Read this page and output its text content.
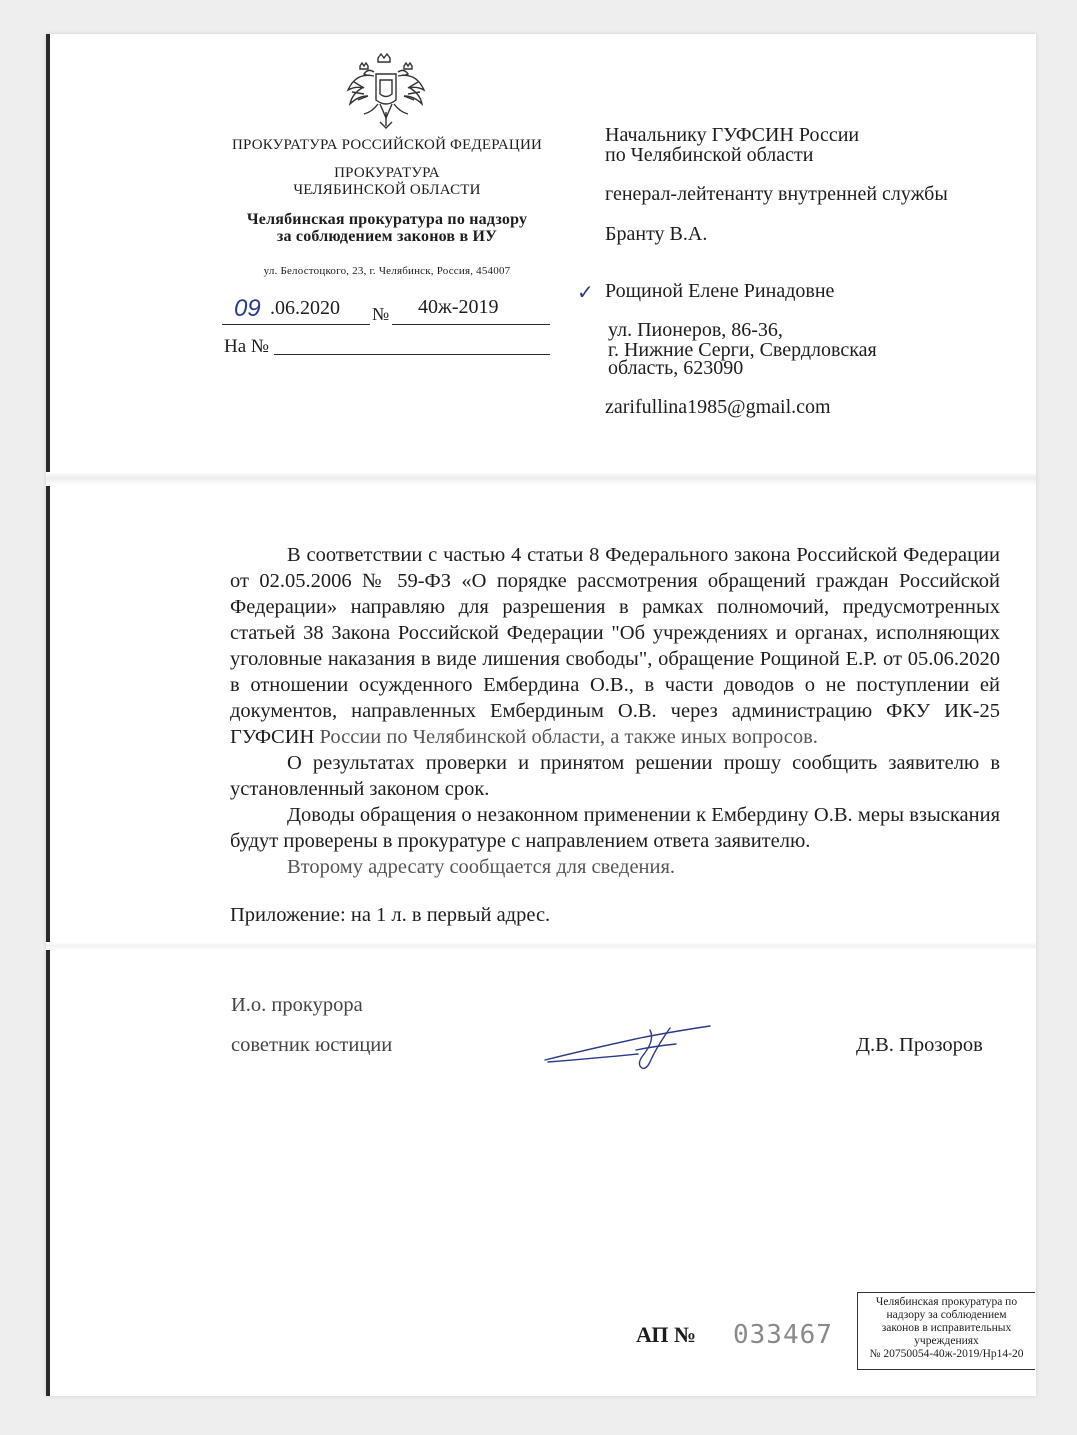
ПРОКУРАТУРА РОССИЙСКОЙ ФЕДЕРАЦИИ
ПРОКУРАТУРА
ЧЕЛЯБИНСКОЙ ОБЛАСТИ
Челябинская прокуратура по надзору
за соблюдением законов в ИУ
ул. Белостоцкого, 23, г. Челябинск, Россия, 454007
09 .06.2020 № 40ж-2019
На №
Начальнику ГУФСИН России
по Челябинской области
генерал-лейтенанту внутренней службы
Бранту В.А.
✓ Рощиной Елене Ринадовне
ул. Пионеров, 86-36,
г. Нижние Серги, Свердловская
область, 623090
zarifullina1985@gmail.com

В соответствии с частью 4 статьи 8 Федерального закона Российской Федерации от 02.05.2006 № 59-ФЗ «О порядке рассмотрения обращений граждан Российской Федерации» направляю для разрешения в рамках полномочий, предусмотренных статьей 38 Закона Российской Федерации "Об учреждениях и органах, исполняющих уголовные наказания в виде лишения свободы", обращение Рощиной Е.Р. от 05.06.2020 в отношении осужденного Ембердина О.В., в части доводов о не поступлении ей документов, направленных Ембердиным О.В. через администрацию ФКУ ИК-25 ГУФСИН России по Челябинской области, а также иных вопросов.

О результатах проверки и принятом решении прошу сообщить заявителю в установленный законом срок.

Доводы обращения о незаконном применении к Ембердину О.В. меры взыскания будут проверены в прокуратуре с направлением ответа заявителю.

Второму адресату сообщается для сведения.

Приложение: на 1 л. в первый адрес.

И.о. прокурора
советник юстиции	Д.В. Прозоров
АП № 033467
Челябинская прокуратура по
надзору за соблюдением
законов в исправительных
учреждениях
№ 20750054-40ж-2019/Нр14-20
